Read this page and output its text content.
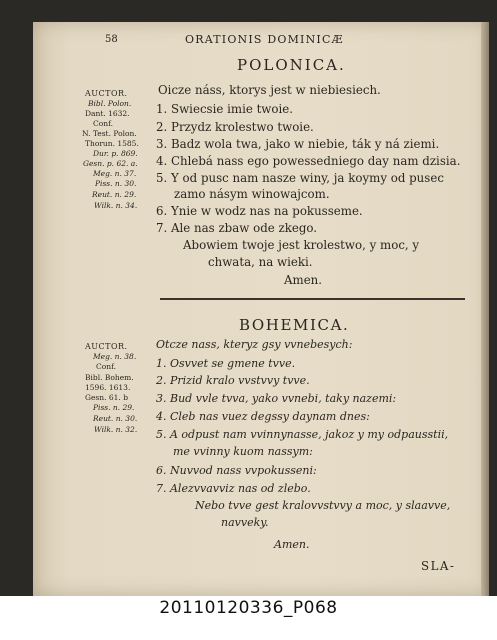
58	ORATIONIS DOMINICÆ
POLONICA.
AUCTOR.
Bibl. Polon.
Dant. 1632.
Conf.
N. Test. Polon.
Thorun. 1585.
Dur. p. 869.
Gesn. p. 62. a.
Meg. n. 37.
Piss. n. 30.
Reut. n. 29.
Wilk. n. 34.
Oicze náss, ktorys jest w niebiesiech.
1. Swiecsie imie twoie.
2. Przydz krolestwo twoie.
3. Badz wola twa, jako w niebie, ták y ná ziemi.
4. Chlebá nass ego powessedniego day nam dzisia.
5. Y od pusc nam nasze winy, ja koymy od pusec
zamo násym winowajcom.
6. Ynie w wodz nas na pokusseme.
7. Ale nas zbaw ode zkego.
Abowiem twoje jest krolestwo, y moc, y
chwata, na wieki.
Amen.
BOHEMICA.
AUCTOR.
Meg. n. 38.
Conf.
Bibl. Bohem.
1596. 1613.
Gesn. 61. b
Piss. n. 29.
Reut. n. 30.
Wilk. n. 32.
Otcze nass, kteryz gsy vvnebesych:
1. Osvvet se gmene tvve.
2. Prizid kralo vvstvvy tvve.
3. Bud vvle tvva, yako vvnebi, taky nazemi:
4. Cleb nas vuez degssy daynam dnes:
5. A odpust nam vvinnynasse, jakoz y my odpausstii,
me vvinny kuom nassym:
6. Nuvvod nass vvpokusseni:
7. Alezvvavviz nas od zlebo.
Nebo tvve gest kralovvstvvy a moc, y slaavve,
navveky.
Amen.
SLA-
20110120336_P068
